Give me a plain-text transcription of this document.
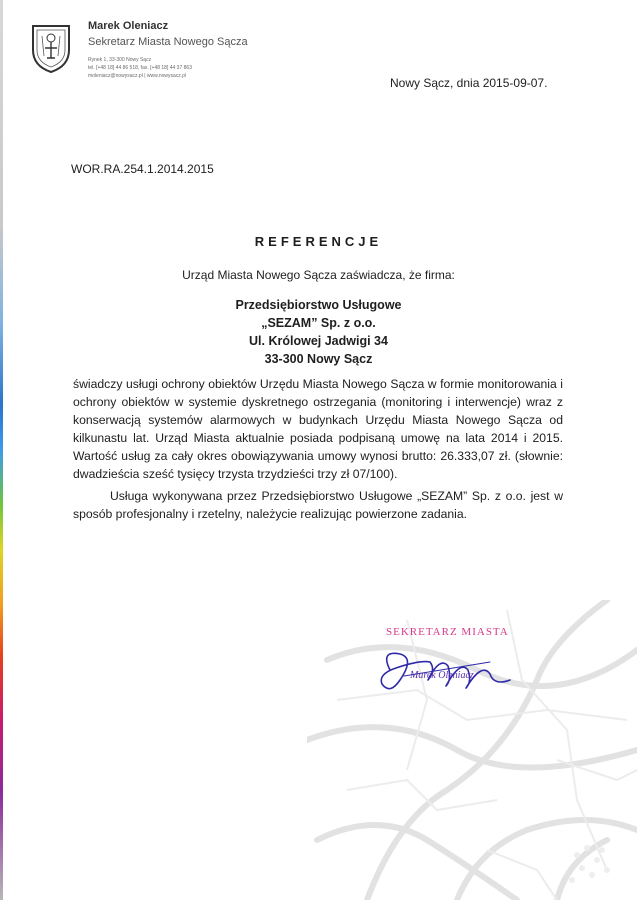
Marek Oleniacz

Sekretarz Miasta Nowego Sącza

Rynek 1, 33-300 Nowy Sącz
tel. [+48 18] 44 86 518, fax. [+48 18] 44 37 863
moleniacz@nowysacz.pl | www.nowysacz.pl	Nowy Sącz, dnia 2015-09-07.

WOR.RA.254.1.2014.2015

REFERENCJE

Urząd Miasta Nowego Sącza zaświadcza, że firma:

Przedsiębiorstwo Usługowe
„SEZAM” Sp. z o.o.
Ul. Królowej Jadwigi 34
33-300 Nowy Sącz

świadczy usługi ochrony obiektów Urzędu Miasta Nowego Sącza w formie monitorowania i ochrony obiektów w systemie dyskretnego ostrzegania (monitoring i interwencje) wraz z konserwacją systemów alarmowych w budynkach Urzędu Miasta Nowego Sącza od kilkunastu lat. Urząd Miasta aktualnie posiada podpisaną umowę na lata 2014 i 2015. Wartość usług za cały okres obowiązywania umowy wynosi brutto: 26.333,07 zł. (słownie: dwadzieścia sześć tysięcy trzysta trzydzieści trzy zł 07/100).

Usługa wykonywana przez Przedsiębiorstwo Usługowe „SEZAM” Sp. z o.o. jest w sposób profesjonalny i rzetelny, należycie realizując powierzone zadania.

SEKRETARZ MIASTA

Marek Oleniacz
